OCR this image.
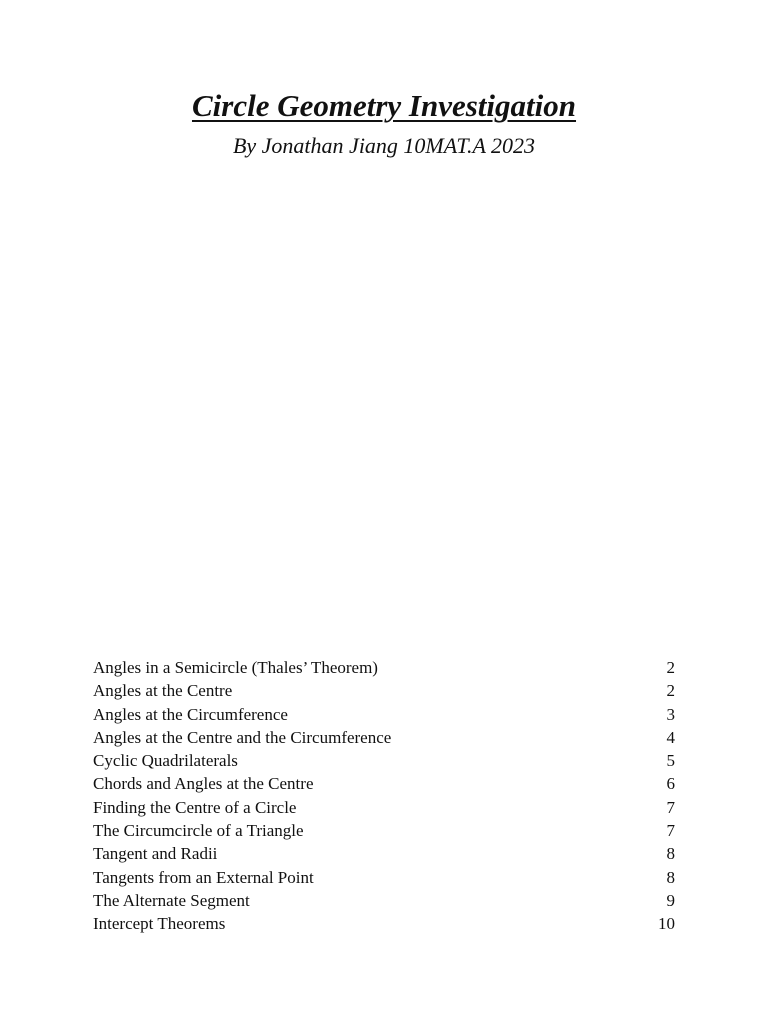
Circle Geometry Investigation
By Jonathan Jiang 10MAT.A 2023
Angles in a Semicircle (Thales’ Theorem)	2
Angles at the Centre	2
Angles at the Circumference	3
Angles at the Centre and the Circumference	4
Cyclic Quadrilaterals	5
Chords and Angles at the Centre	6
Finding the Centre of a Circle	7
The Circumcircle of a Triangle	7
Tangent and Radii	8
Tangents from an External Point	8
The Alternate Segment	9
Intercept Theorems	10
